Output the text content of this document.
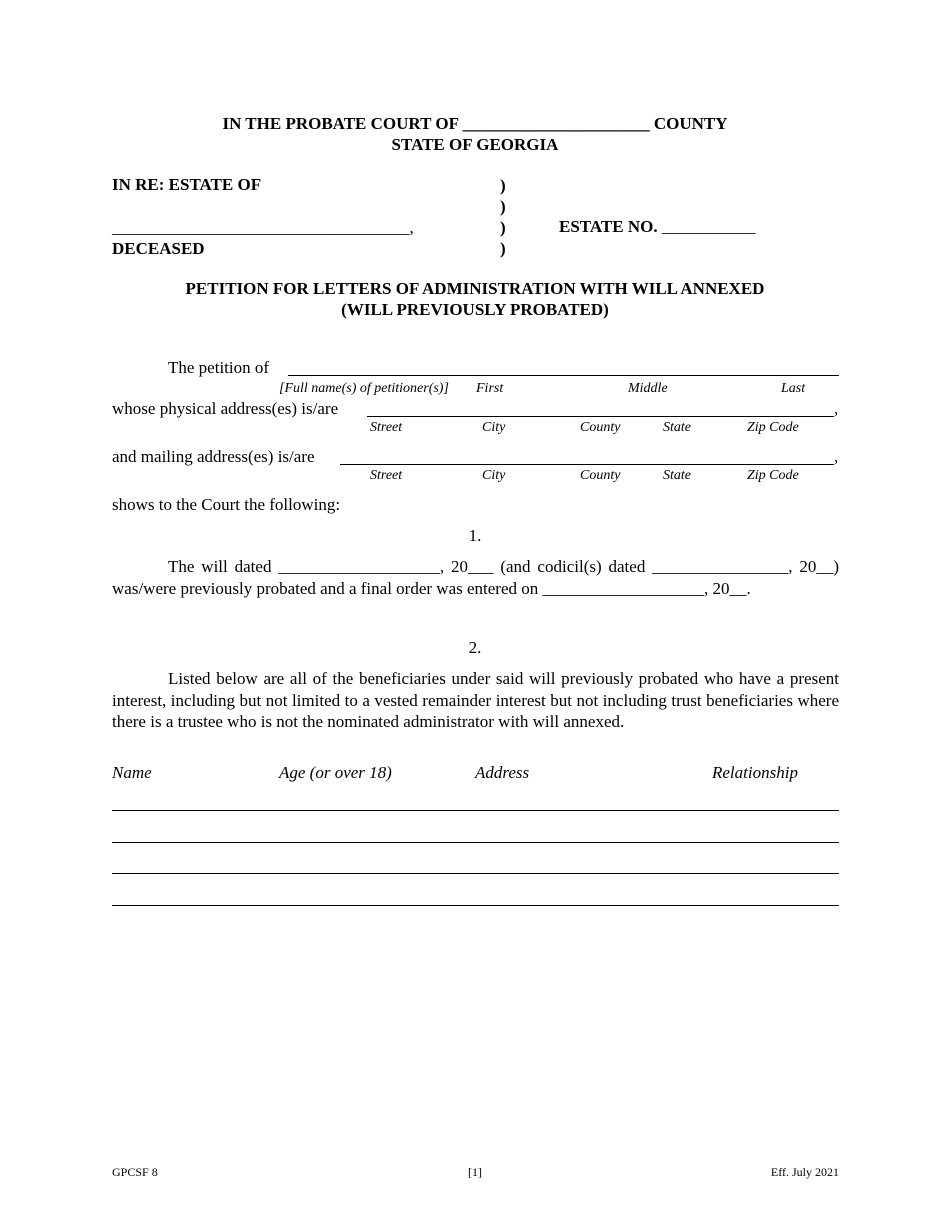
IN THE PROBATE COURT OF ______________________ COUNTY
STATE OF GEORGIA
IN RE: ESTATE OF
___________________________________,
DECEASED
)
)
)
)
ESTATE NO. ___________
PETITION FOR LETTERS OF ADMINISTRATION WITH WILL ANNEXED
(WILL PREVIOUSLY PROBATED)
The petition of
[Full name(s) of petitioner(s)] First	Middle	Last
whose physical address(es) is/are	,
Street	City	County	State	Zip Code
and mailing address(es) is/are	,
Street	City	County	State	Zip Code
shows to the Court the following:
1.
The will dated ___________________, 20___ (and codicil(s) dated ________________, 20__) was/were previously probated and a final order was entered on ___________________, 20__.
2.
Listed below are all of the beneficiaries under said will previously probated who have a present interest, including but not limited to a vested remainder interest but not including trust beneficiaries where there is a trustee who is not the nominated administrator with will annexed.
Name	Age (or over 18)	Address	Relationship
GPCSF 8	[1]	Eff. July 2021
